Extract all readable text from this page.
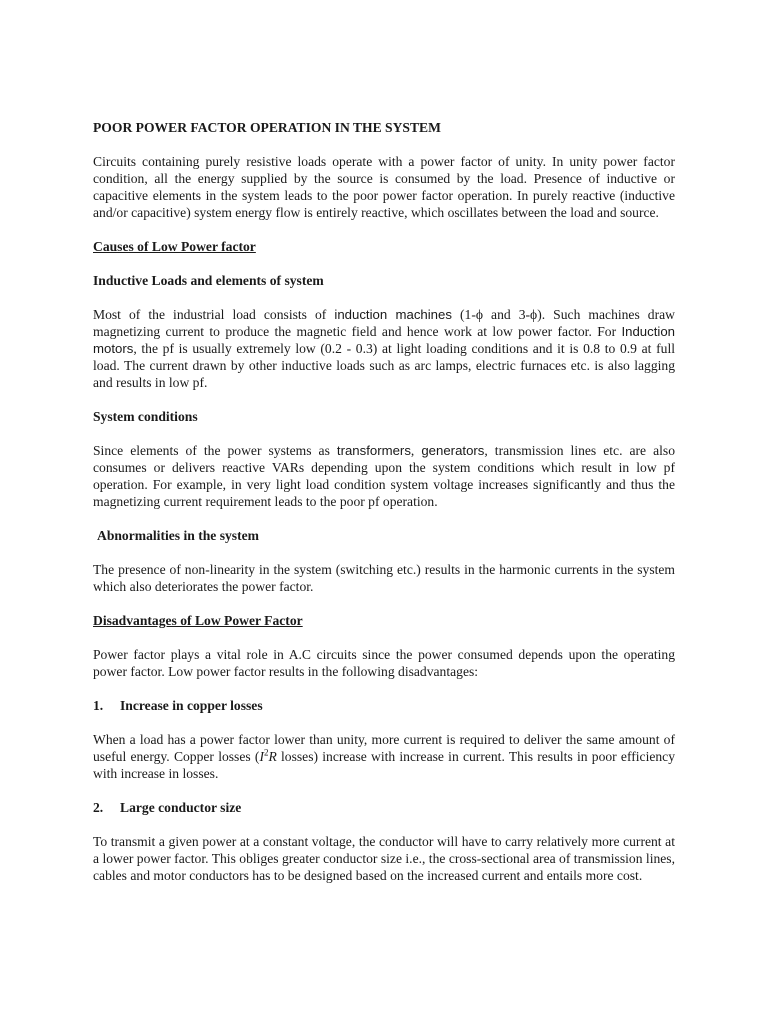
POOR POWER FACTOR OPERATION IN THE SYSTEM

Circuits containing purely resistive loads operate with a power factor of unity. In unity power factor condition, all the energy supplied by the source is consumed by the load. Presence of inductive or capacitive elements in the system leads to the poor power factor operation. In purely reactive (inductive and/or capacitive) system energy flow is entirely reactive, which oscillates between the load and source.

Causes of Low Power factor

Inductive Loads and elements of system

Most of the industrial load consists of induction machines (1-ϕ and 3-ϕ). Such machines draw magnetizing current to produce the magnetic field and hence work at low power factor. For Induction motors, the pf is usually extremely low (0.2 - 0.3) at light loading conditions and it is 0.8 to 0.9 at full load. The current drawn by other inductive loads such as arc lamps, electric furnaces etc. is also lagging and results in low pf.

System conditions

Since elements of the power systems as transformers, generators, transmission lines etc. are also consumes or delivers reactive VARs depending upon the system conditions which result in low pf operation. For example, in very light load condition system voltage increases significantly and thus the magnetizing current requirement leads to the poor pf operation.

Abnormalities in the system

The presence of non-linearity in the system (switching etc.) results in the harmonic currents in the system which also deteriorates the power factor.

Disadvantages of Low Power Factor

Power factor plays a vital role in A.C circuits since the power consumed depends upon the operating power factor. Low power factor results in the following disadvantages:

1.	Increase in copper losses

When a load has a power factor lower than unity, more current is required to deliver the same amount of useful energy. Copper losses ($I^2R$ losses) increase with increase in current. This results in poor efficiency with increase in losses.

2.	Large conductor size

To transmit a given power at a constant voltage, the conductor will have to carry relatively more current at a lower power factor. This obliges greater conductor size i.e., the cross-sectional area of transmission lines, cables and motor conductors has to be designed based on the increased current and entails more cost.
